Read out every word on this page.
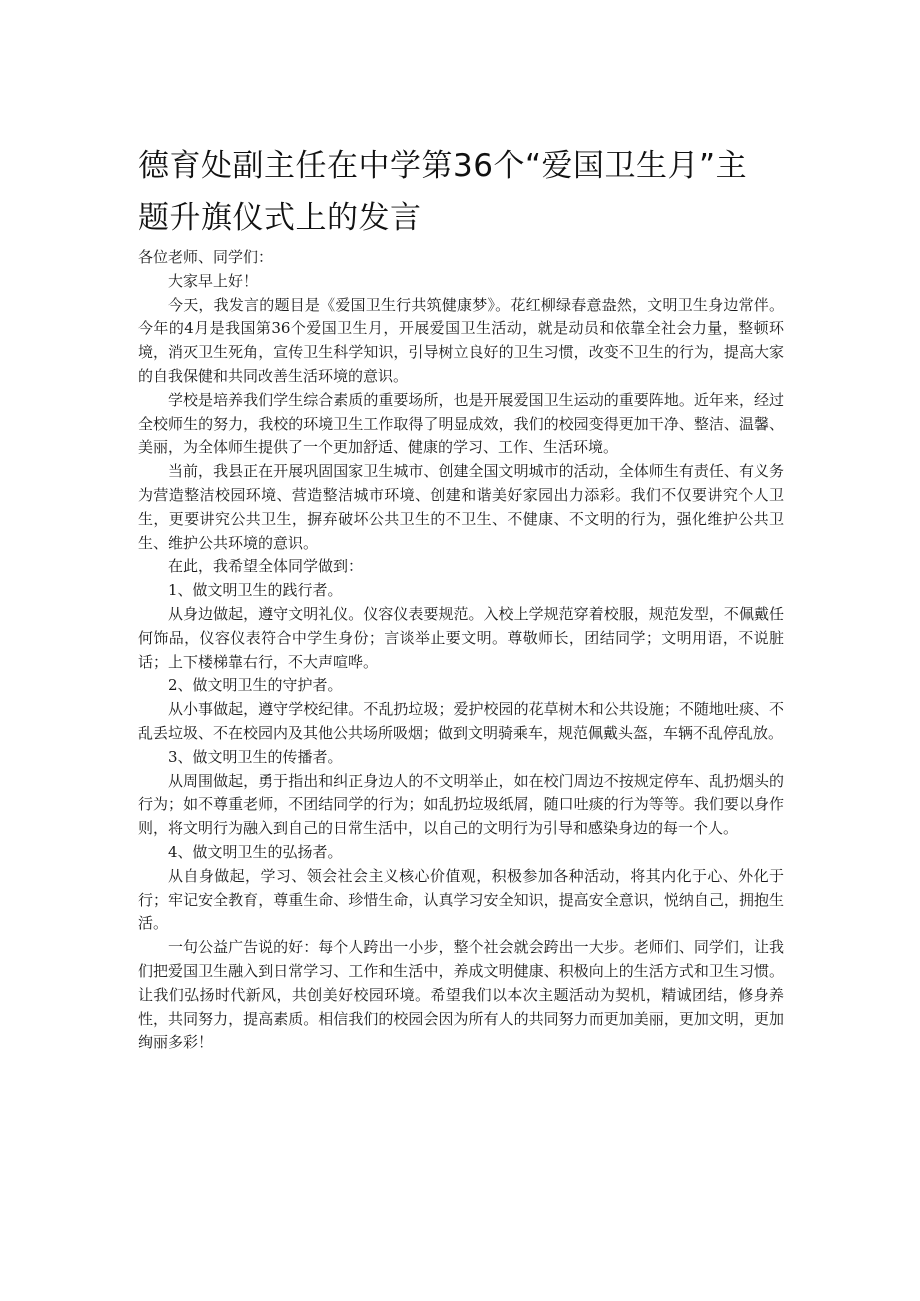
德育处副主任在中学第36个“爱国卫生月”主题升旗仪式上的发言

各位老师、同学们：

大家早上好！

今天，我发言的题目是《爱国卫生行共筑健康梦》。花红柳绿春意盎然，文明卫生身边常伴。今年的4月是我国第36个爱国卫生月，开展爱国卫生活动，就是动员和依靠全社会力量，整顿环境，消灭卫生死角，宣传卫生科学知识，引导树立良好的卫生习惯，改变不卫生的行为，提高大家的自我保健和共同改善生活环境的意识。

学校是培养我们学生综合素质的重要场所，也是开展爱国卫生运动的重要阵地。近年来，经过全校师生的努力，我校的环境卫生工作取得了明显成效，我们的校园变得更加干净、整洁、温馨、美丽，为全体师生提供了一个更加舒适、健康的学习、工作、生活环境。

当前，我县正在开展巩固国家卫生城市、创建全国文明城市的活动，全体师生有责任、有义务为营造整洁校园环境、营造整洁城市环境、创建和谐美好家园出力添彩。我们不仅要讲究个人卫生，更要讲究公共卫生，摒弃破坏公共卫生的不卫生、不健康、不文明的行为，强化维护公共卫生、维护公共环境的意识。

在此，我希望全体同学做到：

1、做文明卫生的践行者。

从身边做起，遵守文明礼仪。仪容仪表要规范。入校上学规范穿着校服，规范发型，不佩戴任何饰品，仪容仪表符合中学生身份；言谈举止要文明。尊敬师长，团结同学；文明用语，不说脏话；上下楼梯靠右行，不大声喧哗。

2、做文明卫生的守护者。

从小事做起，遵守学校纪律。不乱扔垃圾；爱护校园的花草树木和公共设施；不随地吐痰、不乱丢垃圾、不在校园内及其他公共场所吸烟；做到文明骑乘车，规范佩戴头盔，车辆不乱停乱放。

3、做文明卫生的传播者。

从周围做起，勇于指出和纠正身边人的不文明举止，如在校门周边不按规定停车、乱扔烟头的行为；如不尊重老师，不团结同学的行为；如乱扔垃圾纸屑，随口吐痰的行为等等。我们要以身作则，将文明行为融入到自己的日常生活中，以自己的文明行为引导和感染身边的每一个人。

4、做文明卫生的弘扬者。

从自身做起，学习、领会社会主义核心价值观，积极参加各种活动，将其内化于心、外化于行；牢记安全教育，尊重生命、珍惜生命，认真学习安全知识，提高安全意识，悦纳自己，拥抱生活。

一句公益广告说的好：每个人跨出一小步，整个社会就会跨出一大步。老师们、同学们，让我们把爱国卫生融入到日常学习、工作和生活中，养成文明健康、积极向上的生活方式和卫生习惯。让我们弘扬时代新风，共创美好校园环境。希望我们以本次主题活动为契机，精诚团结，修身养性，共同努力，提高素质。相信我们的校园会因为所有人的共同努力而更加美丽，更加文明，更加绚丽多彩！
